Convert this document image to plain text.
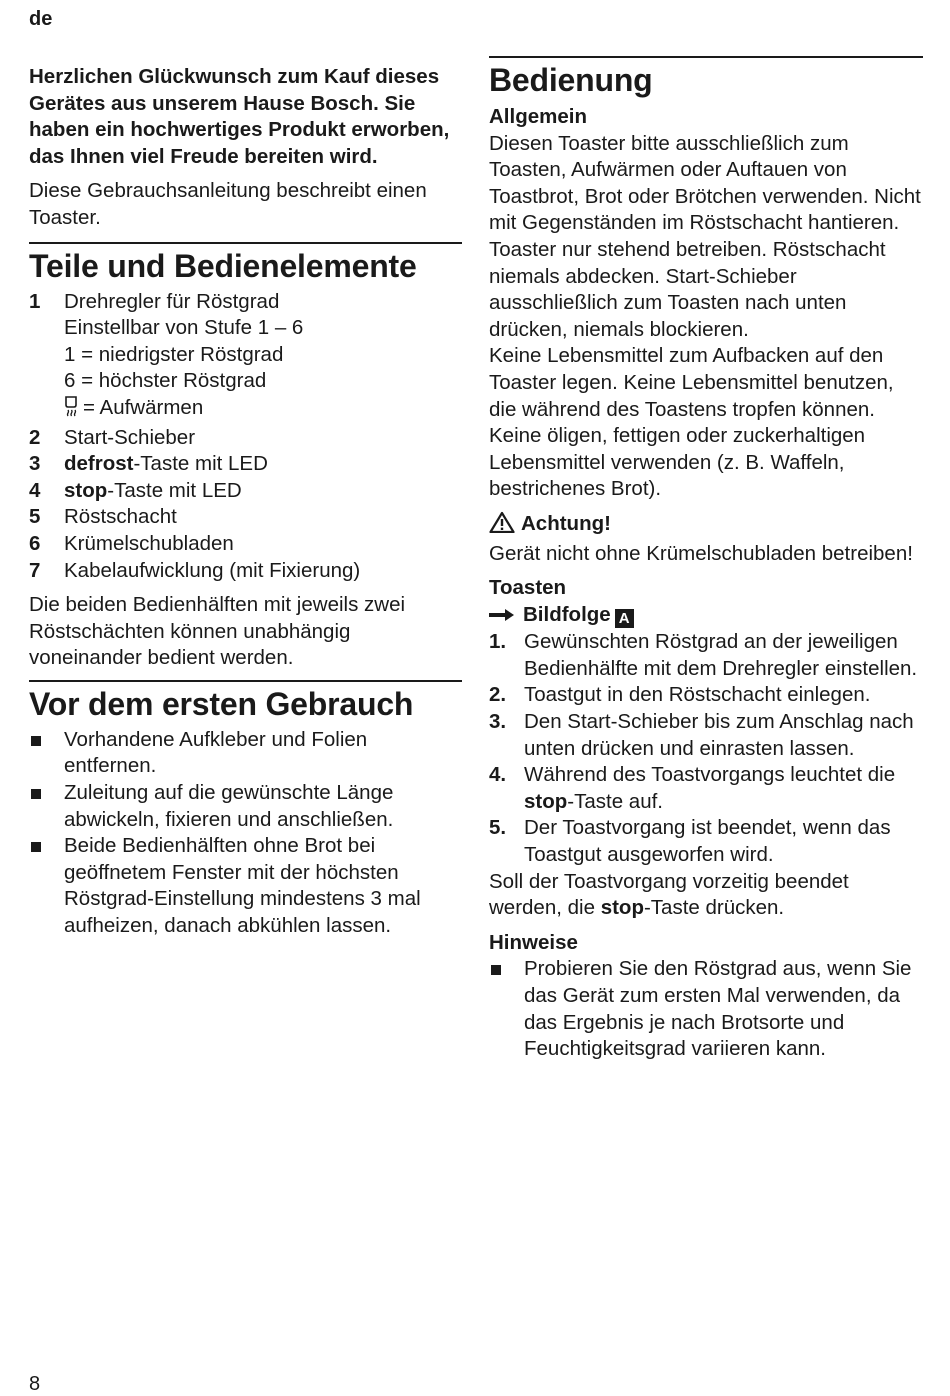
de

Herzlichen Glückwunsch zum Kauf dieses Gerätes aus unserem Hause Bosch. Sie haben ein hochwertiges Produkt erworben, das Ihnen viel Freude bereiten wird.

Diese Gebrauchsanleitung beschreibt einen Toaster.

Teile und Bedienelemente
1	Drehregler für Röstgrad
Einstellbar von Stufe 1 – 6
1 = niedrigster Röstgrad
6 = höchster Röstgrad
= Aufwärmen
2	Start-Schieber
3	defrost-Taste mit LED
4	stop-Taste mit LED
5	Röstschacht
6	Krümelschubladen
7	Kabelaufwicklung (mit Fixierung)

Die beiden Bedienhälften mit jeweils zwei Röstschächten können unabhängig voneinander bedient werden.

Vor dem ersten Gebrauch
Vorhandene Aufkleber und Folien entfernen.
Zuleitung auf die gewünschte Länge abwickeln, fixieren und anschließen.
Beide Bedienhälften ohne Brot bei geöffnetem Fenster mit der höchsten Röstgrad-Einstellung mindestens 3 mal aufheizen, danach abkühlen lassen.
Bedienung
Allgemein

Diesen Toaster bitte ausschließlich zum Toasten, Aufwärmen oder Auftauen von Toastbrot, Brot oder Brötchen verwenden. Nicht mit Gegenständen im Röstschacht hantieren. Toaster nur stehend betreiben. Röstschacht niemals abdecken. Start-Schieber ausschließlich zum Toasten nach unten drücken, niemals blockieren.

Keine Lebensmittel zum Aufbacken auf den Toaster legen. Keine Lebensmittel benutzen, die während des Toastens tropfen können.

Keine öligen, fettigen oder zuckerhaltigen Lebensmittel verwenden (z. B. Waffeln, bestrichenes Brot).

Achtung!

Gerät nicht ohne Krümelschubladen betreiben!

Toasten

Bildfolge A

1. Gewünschten Röstgrad an der jeweiligen Bedienhälfte mit dem Drehregler einstellen.
2. Toastgut in den Röstschacht einlegen.
3. Den Start-Schieber bis zum Anschlag nach unten drücken und einrasten lassen.
4. Während des Toastvorgangs leuchtet die stop-Taste auf.
5. Der Toastvorgang ist beendet, wenn das Toastgut ausgeworfen wird.

Soll der Toastvorgang vorzeitig beendet werden, die stop-Taste drücken.

Hinweise
Probieren Sie den Röstgrad aus, wenn Sie das Gerät zum ersten Mal verwenden, da das Ergebnis je nach Brotsorte und Feuchtigkeitsgrad variieren kann.
8
